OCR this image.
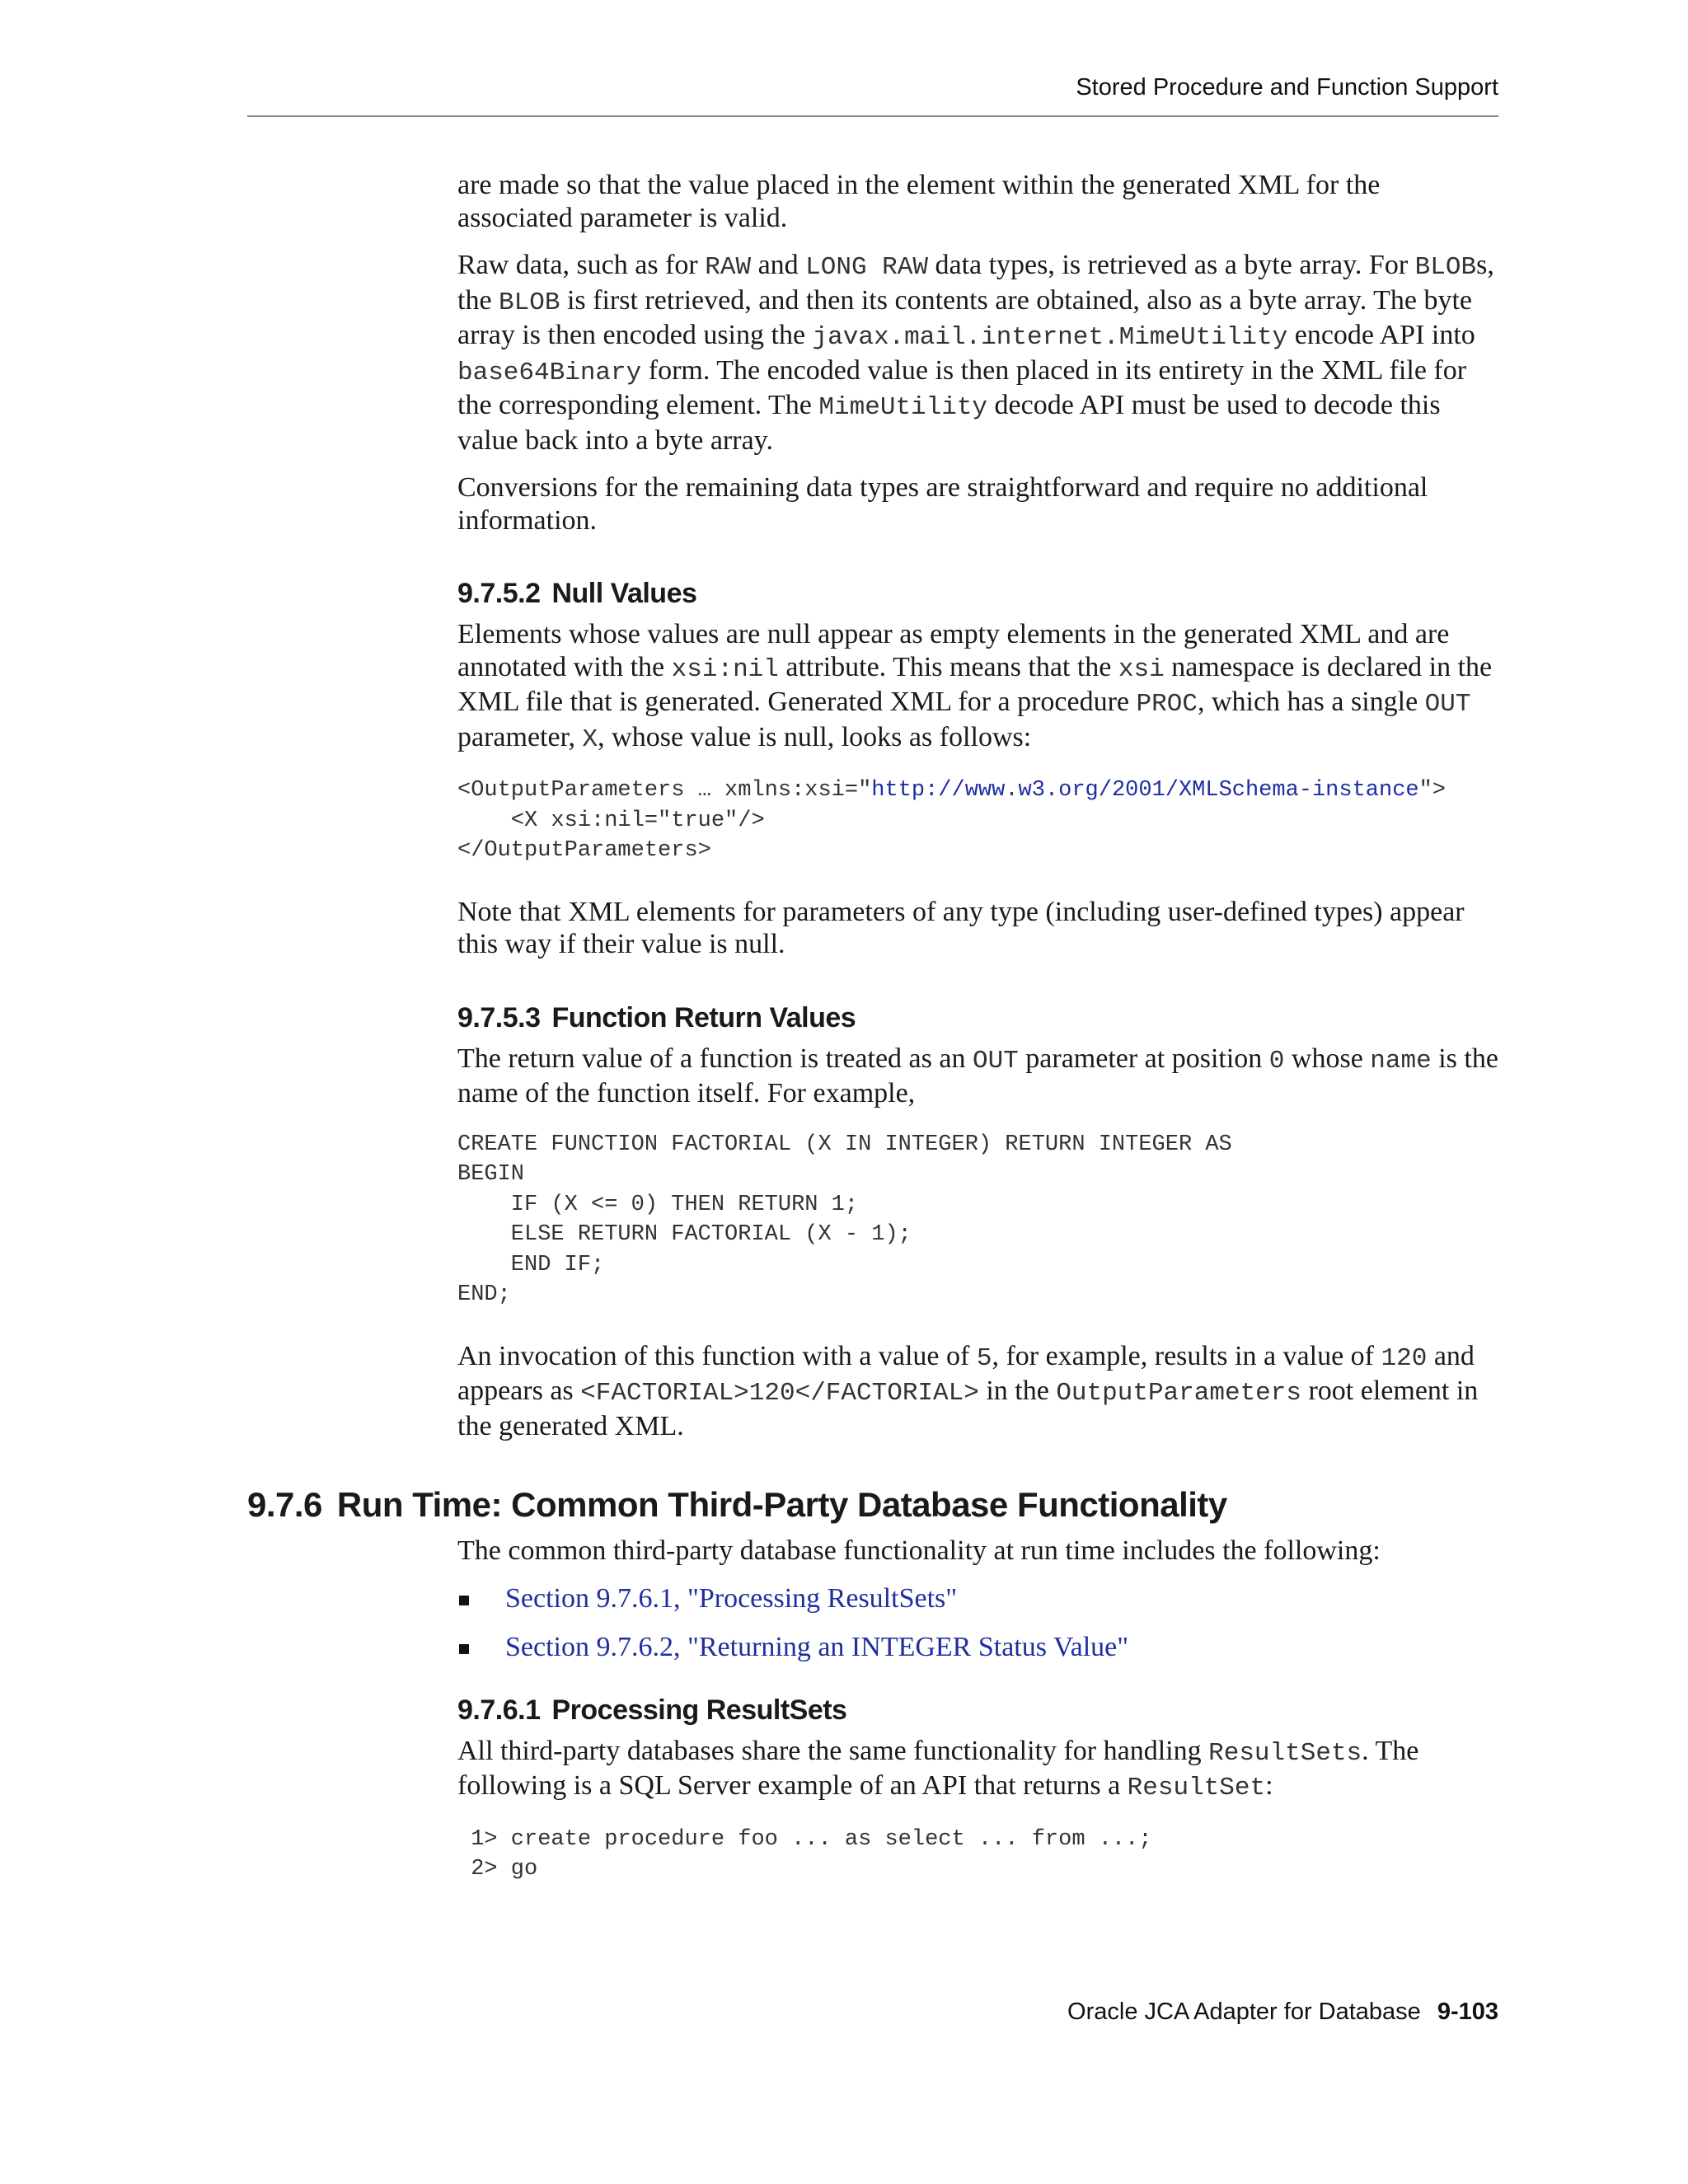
Stored Procedure and Function Support

are made so that the value placed in the element within the generated XML for the associated parameter is valid.

Raw data, such as for RAW and LONG RAW data types, is retrieved as a byte array. For BLOBs, the BLOB is first retrieved, and then its contents are obtained, also as a byte array. The byte array is then encoded using the javax.mail.internet.MimeUtility encode API into base64Binary form. The encoded value is then placed in its entirety in the XML file for the corresponding element. The MimeUtility decode API must be used to decode this value back into a byte array.

Conversions for the remaining data types are straightforward and require no additional information.

9.7.5.2 Null Values

Elements whose values are null appear as empty elements in the generated XML and are annotated with the xsi:nil attribute. This means that the xsi namespace is declared in the XML file that is generated. Generated XML for a procedure PROC, which has a single OUT parameter, X, whose value is null, looks as follows:

<OutputParameters … xmlns:xsi="http://www.w3.org/2001/XMLSchema-instance">
<X xsi:nil="true"/>
</OutputParameters>

Note that XML elements for parameters of any type (including user-defined types) appear this way if their value is null.

9.7.5.3 Function Return Values

The return value of a function is treated as an OUT parameter at position 0 whose name is the name of the function itself. For example,

CREATE FUNCTION FACTORIAL (X IN INTEGER) RETURN INTEGER AS
BEGIN
IF (X <= 0) THEN RETURN 1;
ELSE RETURN FACTORIAL (X - 1);
END IF;
END;

An invocation of this function with a value of 5, for example, results in a value of 120 and appears as <FACTORIAL>120</FACTORIAL> in the OutputParameters root element in the generated XML.

9.7.6 Run Time: Common Third-Party Database Functionality

The common third-party database functionality at run time includes the following:

Section 9.7.6.1, "Processing ResultSets"
Section 9.7.6.2, "Returning an INTEGER Status Value"
9.7.6.1 Processing ResultSets

All third-party databases share the same functionality for handling ResultSets. The following is a SQL Server example of an API that returns a ResultSet:

1> create procedure foo ... as select ... from ...;
2> go
Oracle JCA Adapter for Database 9-103
